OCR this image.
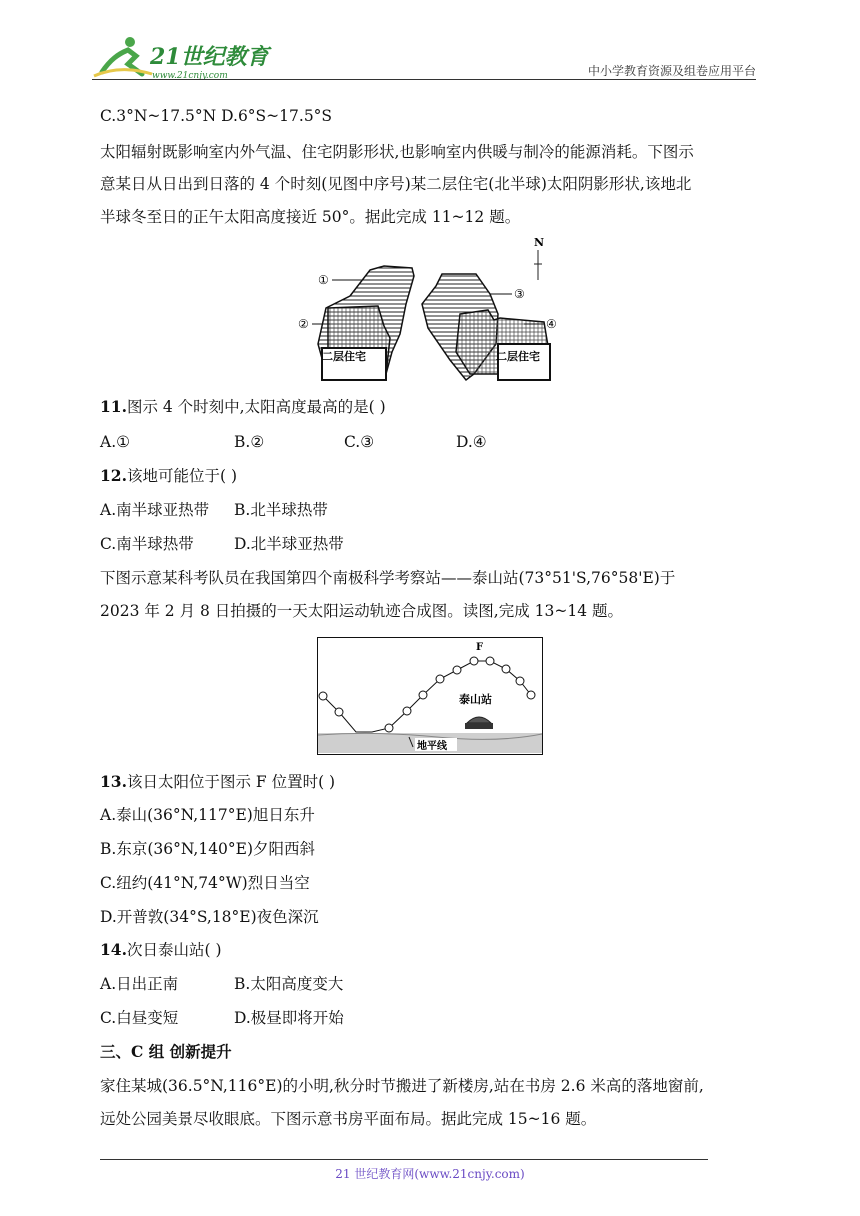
21世纪教育
www.21cnjy.com	中小学教育资源及组卷应用平台
C.3°N~17.5°N D.6°S~17.5°S
太阳辐射既影响室内外气温、住宅阴影形状,也影响室内供暖与制冷的能源消耗。下图示
意某日从日出到日落的 4 个时刻(见图中序号)某二层住宅(北半球)太阳阴影形状,该地北
半球冬至日的正午太阳高度接近 50°。据此完成 11~12 题。
N
二层住宅	二层住宅
①
②
③
④
11.图示 4 个时刻中,太阳高度最高的是( )
A.①	B.②	C.③	D.④
12.该地可能位于( )
A.南半球亚热带 B.北半球热带
C.南半球热带	D.北半球亚热带
下图示意某科考队员在我国第四个南极科学考察站——泰山站(73°51'S,76°58'E)于
2023 年 2 月 8 日拍摄的一天太阳运动轨迹合成图。读图,完成 13~14 题。
F
泰山站
地平线
13.该日太阳位于图示 F 位置时( )
A.泰山(36°N,117°E)旭日东升
B.东京(36°N,140°E)夕阳西斜
C.纽约(41°N,74°W)烈日当空
D.开普敦(34°S,18°E)夜色深沉
14.次日泰山站( )
A.日出正南	B.太阳高度变大
C.白昼变短	D.极昼即将开始
三、C 组 创新提升
家住某城(36.5°N,116°E)的小明,秋分时节搬进了新楼房,站在书房 2.6 米高的落地窗前,
远处公园美景尽收眼底。下图示意书房平面布局。据此完成 15~16 题。
21 世纪教育网(www.21cnjy.com)
